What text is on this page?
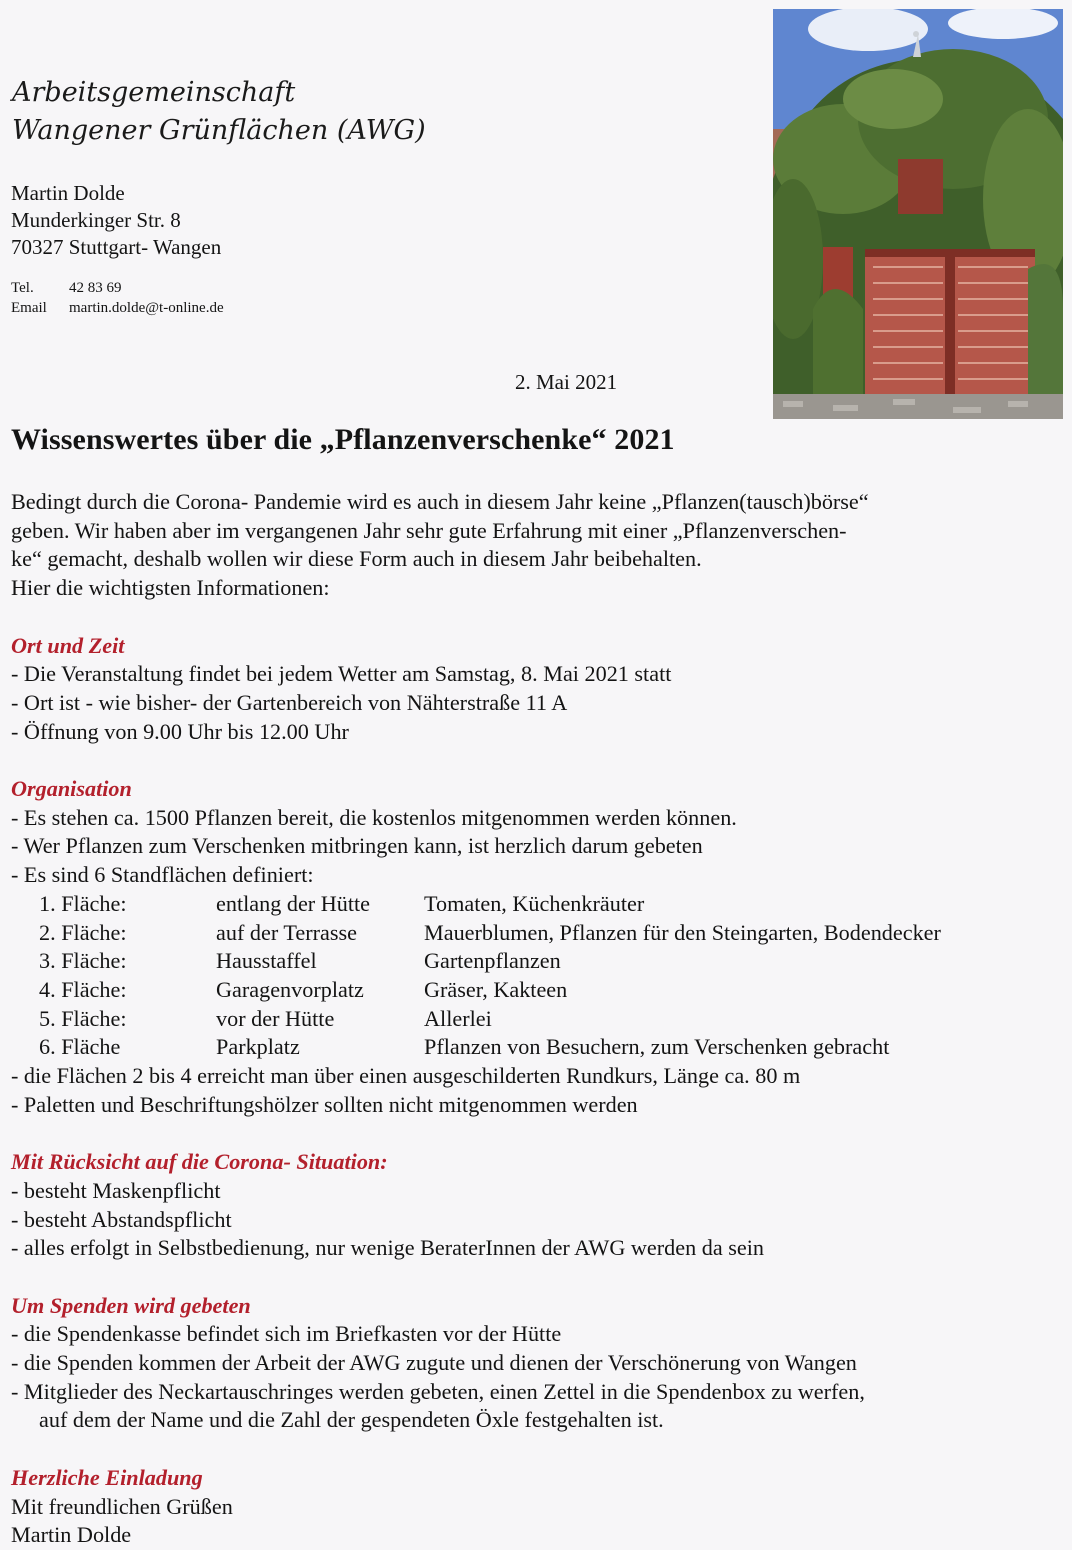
Arbeitsgemeinschaft
Wangener Grünflächen (AWG)
Martin Dolde
Munderkinger Str. 8
70327 Stuttgart- Wangen
Tel. 42 83 69
Email martin.dolde@t-online.de
2. Mai 2021
Wissenswertes über die „Pflanzenverschenke“ 2021
Bedingt durch die Corona- Pandemie wird es auch in diesem Jahr keine „Pflanzen(tausch)börse“
geben. Wir haben aber im vergangenen Jahr sehr gute Erfahrung mit einer „Pflanzenverschen-
ke“ gemacht, deshalb wollen wir diese Form auch in diesem Jahr beibehalten.
Hier die wichtigsten Informationen:
Ort und Zeit
- Die Veranstaltung findet bei jedem Wetter am Samstag, 8. Mai 2021 statt
- Ort ist - wie bisher- der Gartenbereich von Nähterstraße 11 A
- Öffnung von 9.00 Uhr bis 12.00 Uhr
Organisation
- Es stehen ca. 1500 Pflanzen bereit, die kostenlos mitgenommen werden können.
- Wer Pflanzen zum Verschenken mitbringen kann, ist herzlich darum gebeten
- Es sind 6 Standflächen definiert:
1. Fläche:	entlang der Hütte	Tomaten, Küchenkräuter
2. Fläche:	auf der Terrasse	Mauerblumen, Pflanzen für den Steingarten, Bodendecker
3. Fläche:	Hausstaffel	Gartenpflanzen
4. Fläche:	Garagenvorplatz	Gräser, Kakteen
5. Fläche:	vor der Hütte	Allerlei
6. Fläche	Parkplatz	Pflanzen von Besuchern, zum Verschenken gebracht
- die Flächen 2 bis 4 erreicht man über einen ausgeschilderten Rundkurs, Länge ca. 80 m
- Paletten und Beschriftungshölzer sollten nicht mitgenommen werden
Mit Rücksicht auf die Corona- Situation:
- besteht Maskenpflicht
- besteht Abstandspflicht
- alles erfolgt in Selbstbedienung, nur wenige BeraterInnen der AWG werden da sein
Um Spenden wird gebeten
- die Spendenkasse befindet sich im Briefkasten vor der Hütte
- die Spenden kommen der Arbeit der AWG zugute und dienen der Verschönerung von Wangen
- Mitglieder des Neckartauschringes werden gebeten, einen Zettel in die Spendenbox zu werfen,
auf dem der Name und die Zahl der gespendeten Öxle festgehalten ist.
Herzliche Einladung
Mit freundlichen Grüßen
Martin Dolde
